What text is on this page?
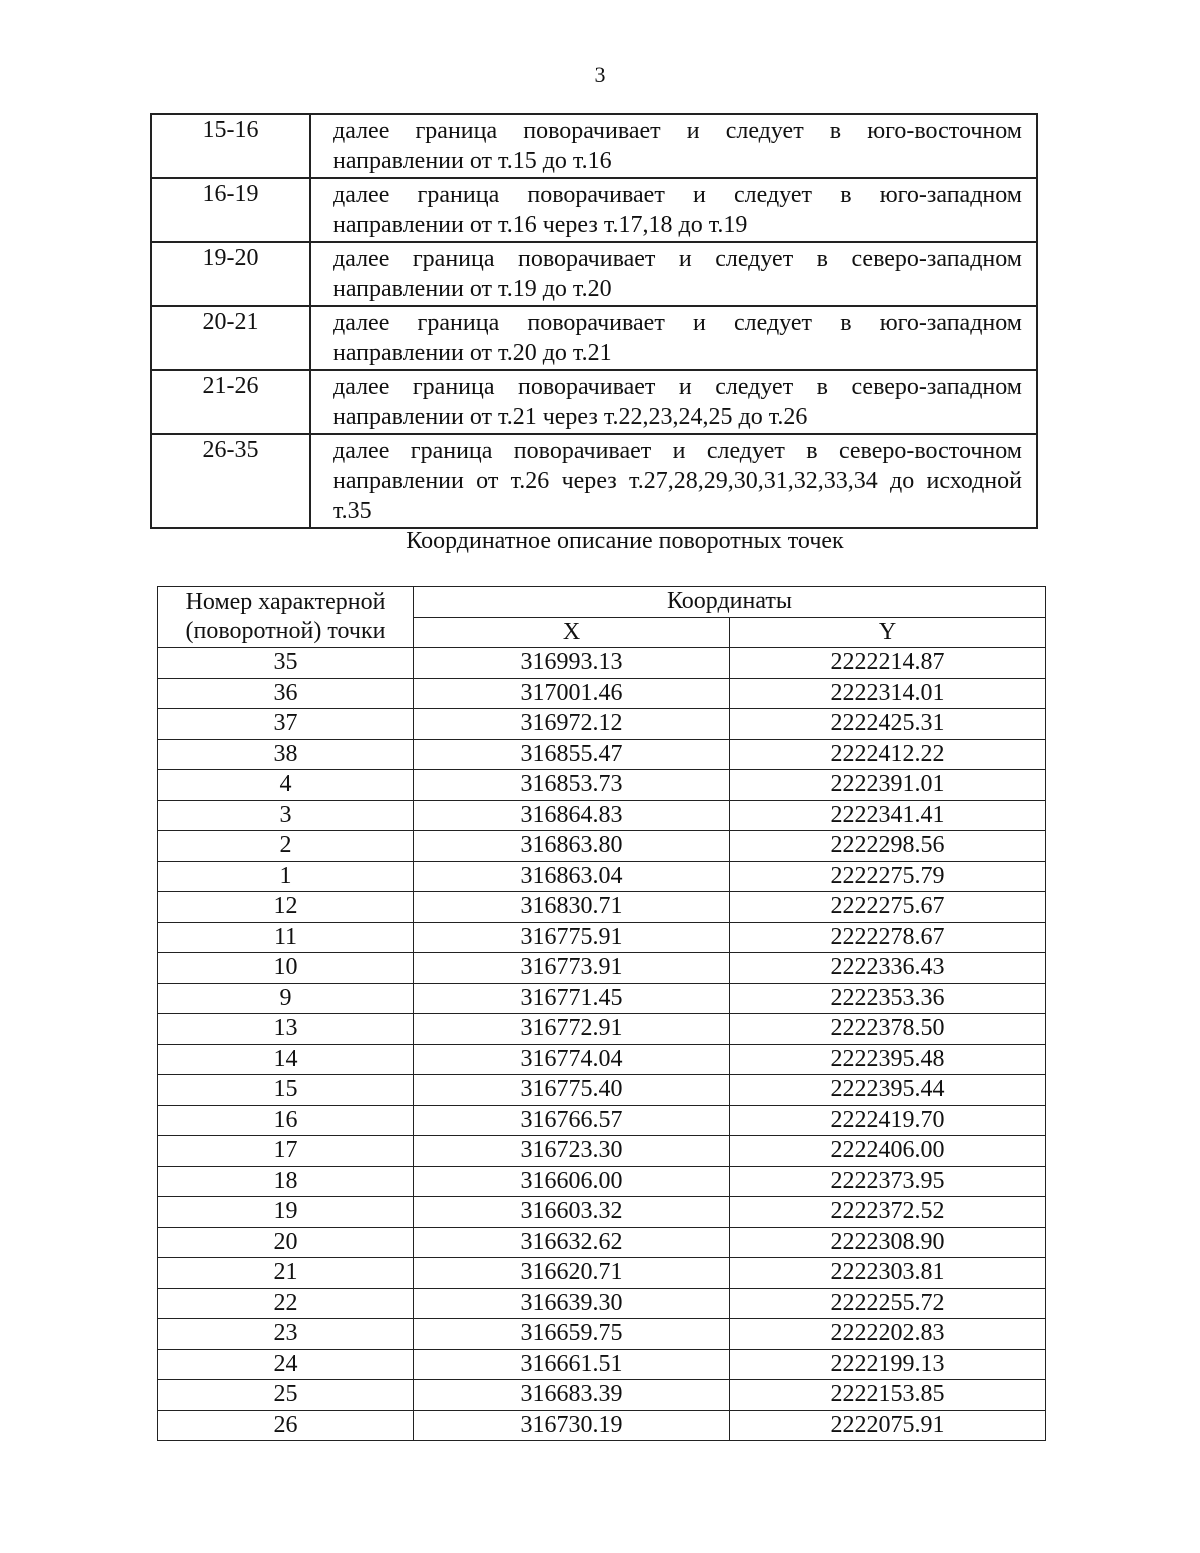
3
15-16	далее граница поворачивает и следует в юго-восточном направлении от т.15 до т.16
16-19	далее граница поворачивает и следует в юго-западном направлении от т.16 через т.17,18 до т.19
19-20	далее граница поворачивает и следует в северо-западном направлении от т.19 до т.20
20-21	далее граница поворачивает и следует в юго-западном направлении от т.20 до т.21
21-26	далее граница поворачивает и следует в северо-западном направлении от т.21 через т.22,23,24,25 до т.26
26-35	далее граница поворачивает и следует в северо-восточном направлении от т.26 через т.27,28,29,30,31,32,33,34 до исходной т.35
Координатное описание поворотных точек
Номер характерной (поворотной) точки	Координаты	
	X	Y
35	316993.13	2222214.87
36	317001.46	2222314.01
37	316972.12	2222425.31
38	316855.47	2222412.22
4	316853.73	2222391.01
3	316864.83	2222341.41
2	316863.80	2222298.56
1	316863.04	2222275.79
12	316830.71	2222275.67
11	316775.91	2222278.67
10	316773.91	2222336.43
9	316771.45	2222353.36
13	316772.91	2222378.50
14	316774.04	2222395.48
15	316775.40	2222395.44
16	316766.57	2222419.70
17	316723.30	2222406.00
18	316606.00	2222373.95
19	316603.32	2222372.52
20	316632.62	2222308.90
21	316620.71	2222303.81
22	316639.30	2222255.72
23	316659.75	2222202.83
24	316661.51	2222199.13
25	316683.39	2222153.85
26	316730.19	2222075.91
